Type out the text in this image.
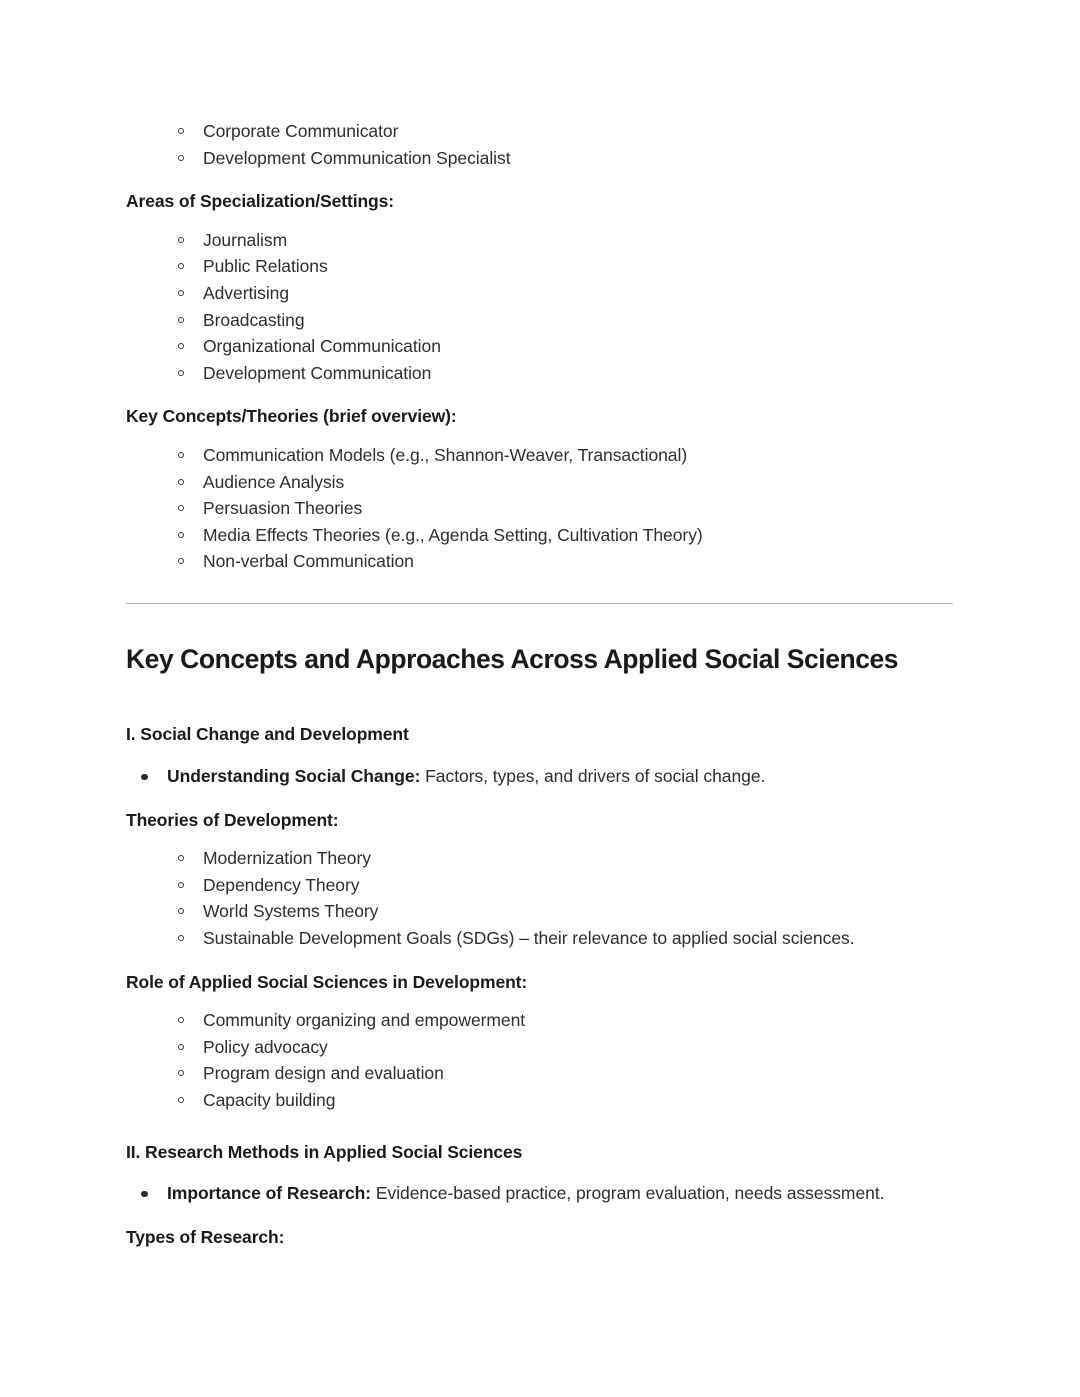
Corporate Communicator
Development Communication Specialist
Areas of Specialization/Settings:
Journalism
Public Relations
Advertising
Broadcasting
Organizational Communication
Development Communication
Key Concepts/Theories (brief overview):
Communication Models (e.g., Shannon-Weaver, Transactional)
Audience Analysis
Persuasion Theories
Media Effects Theories (e.g., Agenda Setting, Cultivation Theory)
Non-verbal Communication
Key Concepts and Approaches Across Applied Social Sciences
I. Social Change and Development
Understanding Social Change: Factors, types, and drivers of social change.
Theories of Development:
Modernization Theory
Dependency Theory
World Systems Theory
Sustainable Development Goals (SDGs) – their relevance to applied social sciences.
Role of Applied Social Sciences in Development:
Community organizing and empowerment
Policy advocacy
Program design and evaluation
Capacity building
II. Research Methods in Applied Social Sciences
Importance of Research: Evidence-based practice, program evaluation, needs assessment.
Types of Research:
